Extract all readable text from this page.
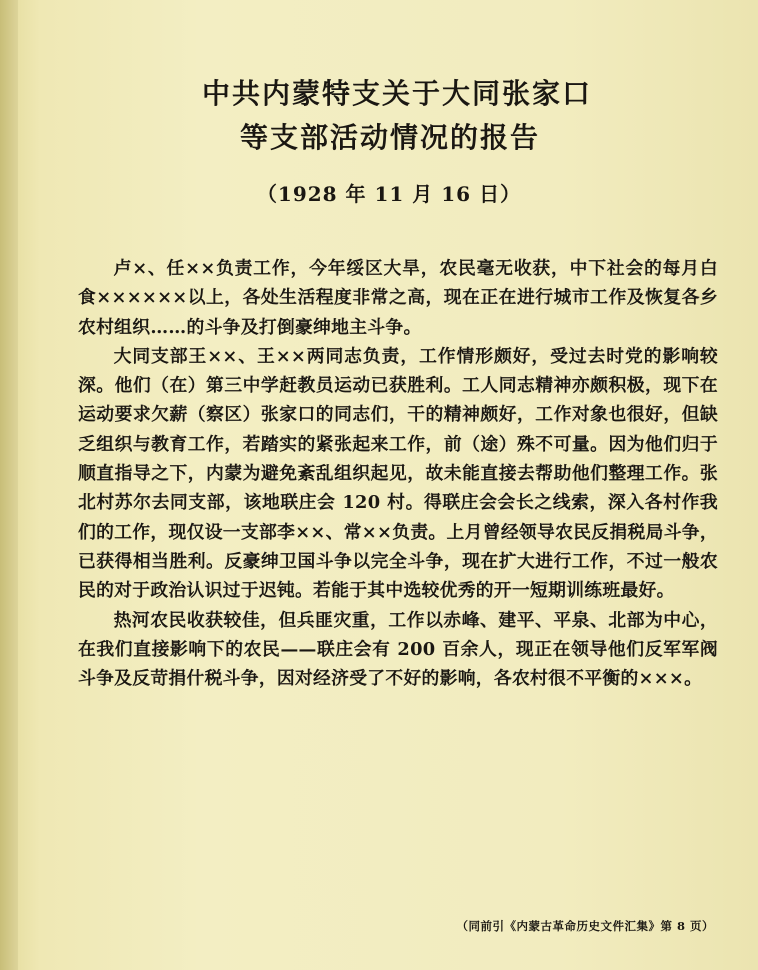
中共内蒙特支关于大同张家口

等支部活动情况的报告

（1928 年 11 月 16 日）

卢×、任××负责工作，今年绥区大旱，农民毫无收获，中下社会的每月白食××××××以上，各处生活程度非常之高，现在正在进行城市工作及恢复各乡农村组织……的斗争及打倒豪绅地主斗争。

大同支部王××、王××两同志负责，工作情形颇好，受过去时党的影响较深。他们（在）第三中学赶教员运动已获胜利。工人同志精神亦颇积极，现下在运动要求欠薪（察区）张家口的同志们，干的精神颇好，工作对象也很好，但缺乏组织与教育工作，若踏实的紧张起来工作，前（途）殊不可量。因为他们归于顺直指导之下，内蒙为避免紊乱组织起见，故未能直接去帮助他们整理工作。张北村苏尔去同支部，该地联庄会 120 村。得联庄会会长之线索，深入各村作我们的工作，现仅设一支部李××、常××负责。上月曾经领导农民反捐税局斗争，已获得相当胜利。反豪绅卫国斗争以完全斗争，现在扩大进行工作，不过一般农民的对于政治认识过于迟钝。若能于其中选较优秀的开一短期训练班最好。

热河农民收获较佳，但兵匪灾重，工作以赤峰、建平、平泉、北部为中心，在我们直接影响下的农民——联庄会有 200 百余人，现正在领导他们反军军阀斗争及反苛捐什税斗争，因对经济受了不好的影响，各农村很不平衡的×××。

（同前引《内蒙古革命历史文件汇集》第 8 页）
